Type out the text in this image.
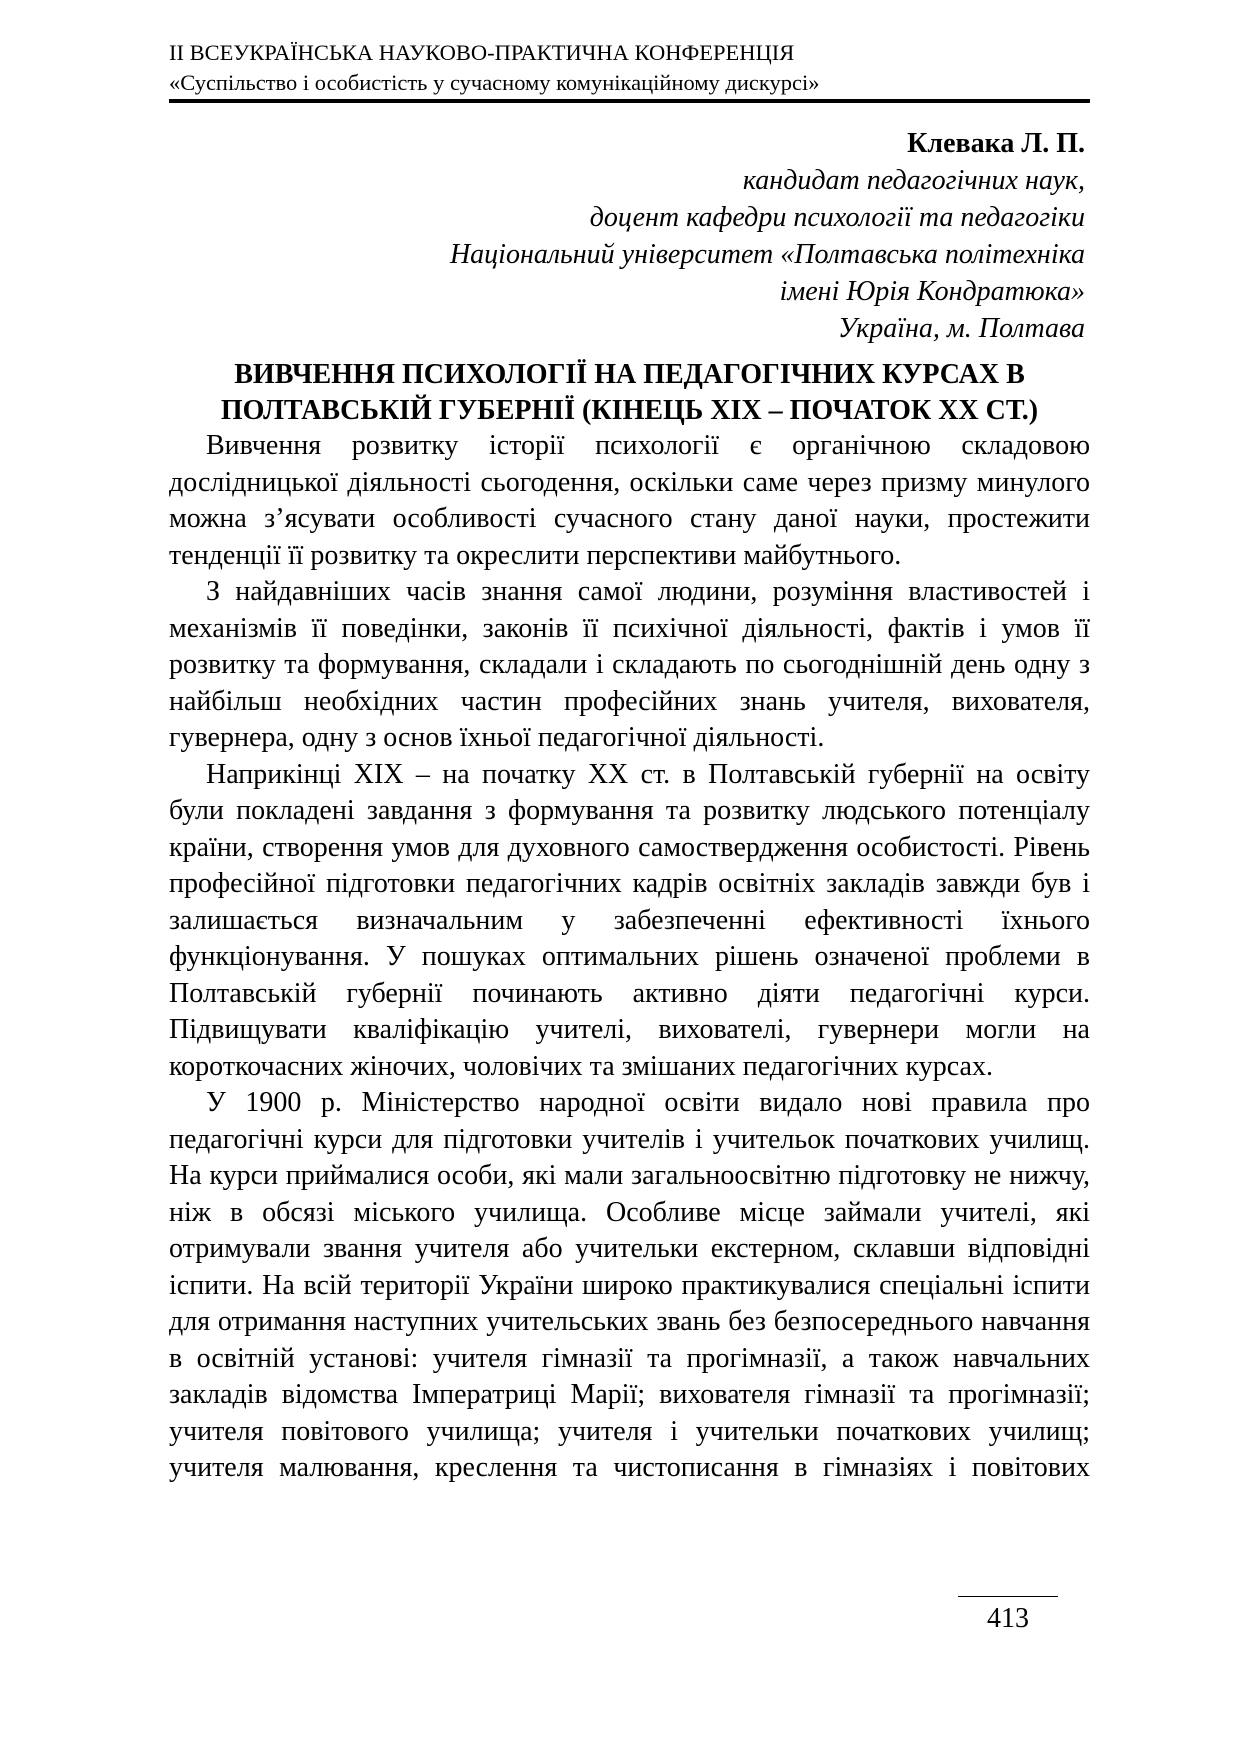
II ВСЕУКРАЇНСЬКА НАУКОВО-ПРАКТИЧНА КОНФЕРЕНЦІЯ
«Суспільство і особистість у сучасному комунікаційному дискурсі»
Клевака Л. П.
кандидат педагогічних наук,
доцент кафедри психології та педагогіки
Національний університет «Полтавська політехніка
імені Юрія Кондратюка»
Україна, м. Полтава
ВИВЧЕННЯ ПСИХОЛОГІЇ НА ПЕДАГОГІЧНИХ КУРСАХ В
ПОЛТАВСЬКІЙ ГУБЕРНІЇ (КІНЕЦЬ ХІХ – ПОЧАТОК ХХ СТ.)

Вивчення розвитку історії психології є органічною складовою дослідницької діяльності сьогодення, оскільки саме через призму минулого можна з’ясувати особливості сучасного стану даної науки, простежити тенденції її розвитку та окреслити перспективи майбутнього.

З найдавніших часів знання самої людини, розуміння властивостей і механізмів її поведінки, законів її психічної діяльності, фактів і умов її розвитку та формування, складали і складають по сьогоднішній день одну з найбільш необхідних частин професійних знань учителя, вихователя, гувернера, одну з основ їхньої педагогічної діяльності.

Наприкінці ХІХ – на початку ХХ ст. в Полтавській губернії на освіту були покладені завдання з формування та розвитку людського потенціалу країни, створення умов для духовного самоствердження особистості. Рівень професійної підготовки педагогічних кадрів освітніх закладів завжди був і залишається визначальним у забезпеченні ефективності їхнього функціонування. У пошуках оптимальних рішень означеної проблеми в Полтавській губернії починають активно діяти педагогічні курси. Підвищувати кваліфікацію учителі, вихователі, гувернери могли на короткочасних жіночих, чоловічих та змішаних педагогічних курсах.

У 1900 р. Міністерство народної освіти видало нові правила про педагогічні курси для підготовки учителів і учительок початкових училищ. На курси приймалися особи, які мали загальноосвітню підготовку не нижчу, ніж в обсязі міського училища. Особливе місце займали учителі, які отримували звання учителя або учительки екстерном, склавши відповідні іспити. На всій території України широко практикувалися спеціальні іспити для отримання наступних учительських звань без безпосереднього навчання в освітній установі: учителя гімназії та прогімназії, а також навчальних закладів відомства Імператриці Марії; вихователя гімназії та прогімназії; учителя повітового училища; учителя і учительки початкових училищ; учителя малювання, креслення та чистописання в гімназіях і повітових

413
